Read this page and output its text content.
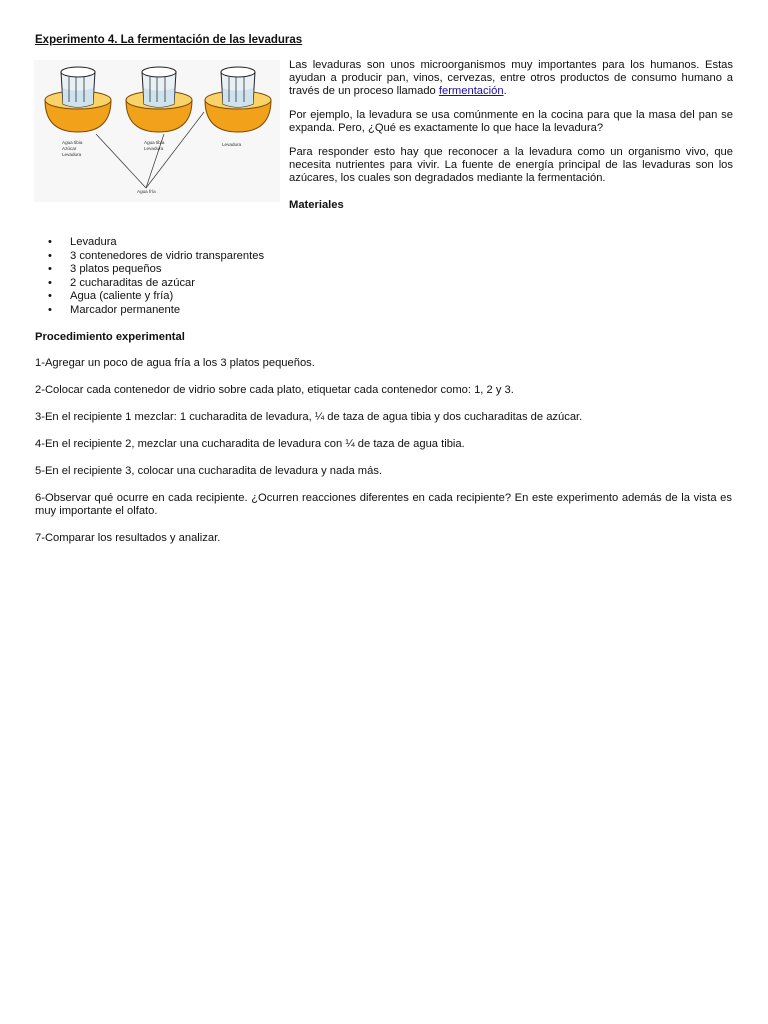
Experimento 4. La fermentación de las levaduras
Agua tibia
Azúcar
Levadura
Agua tibia
Levadura
Levadura
Agua fría

Las levaduras son unos microorganismos muy importantes para los humanos. Estas ayudan a producir pan, vinos, cervezas, entre otros productos de consumo humano a través de un proceso llamado fermentación.

Por ejemplo, la levadura se usa comúnmente en la cocina para que la masa del pan se expanda. Pero, ¿Qué es exactamente lo que hace la levadura?

Para responder esto hay que reconocer a la levadura como un organismo vivo, que necesita nutrientes para vivir. La fuente de energía principal de las levaduras son los azúcares, los cuales son degradados mediante la fermentación.

Materiales

• Levadura
• 3 contenedores de vidrio transparentes
• 3 platos pequeños
• 2 cucharaditas de azúcar
• Agua (caliente y fría)
• Marcador permanente
Procedimiento experimental

1-Agregar un poco de agua fría a los 3 platos pequeños.

2-Colocar cada contenedor de vidrio sobre cada plato, etiquetar cada contenedor como: 1, 2 y 3.

3-En el recipiente 1 mezclar: 1 cucharadita de levadura, ¼ de taza de agua tibia y dos cucharaditas de azúcar.

4-En el recipiente 2, mezclar una cucharadita de levadura con ¼ de taza de agua tibia.

5-En el recipiente 3, colocar una cucharadita de levadura y nada más.

6-Observar qué ocurre en cada recipiente. ¿Ocurren reacciones diferentes en cada recipiente? En este experimento además de la vista es muy importante el olfato.

7-Comparar los resultados y analizar.
